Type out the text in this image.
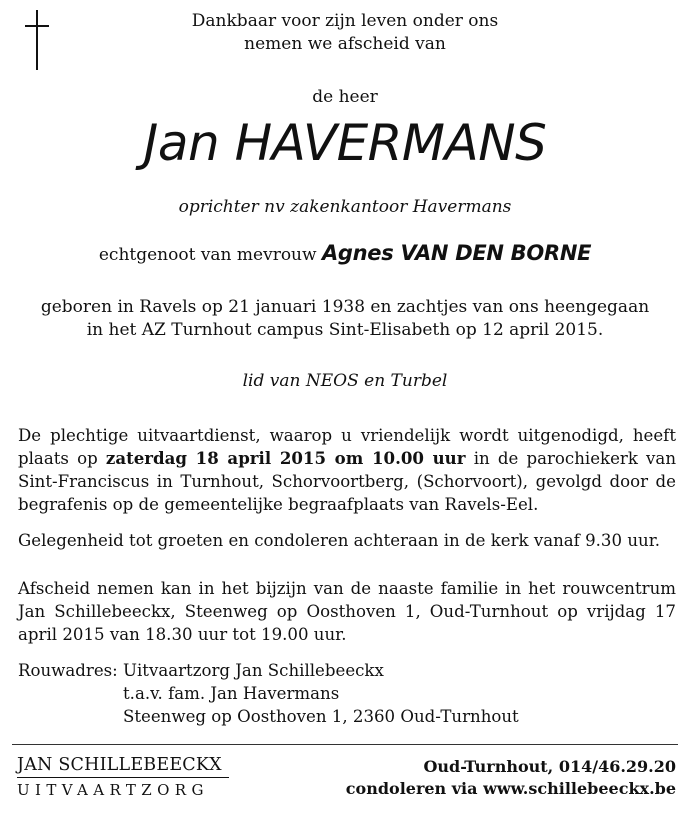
Dankbaar voor zijn leven onder ons
nemen we afscheid van
de heer
Jan HAVERMANS
oprichter nv zakenkantoor Havermans
echtgenoot van mevrouw Agnes VAN DEN BORNE
geboren in Ravels op 21 januari 1938 en zachtjes van ons heengegaan
in het AZ Turnhout campus Sint-Elisabeth op 12 april 2015.
lid van NEOS en Turbel
De plechtige uitvaartdienst, waarop u vriendelijk wordt uitgenodigd, heeft plaats op zaterdag 18 april 2015 om 10.00 uur in de parochiekerk van Sint-Franciscus in Turnhout, Schorvoortberg, (Schorvoort), gevolgd door de begrafenis op de gemeentelijke begraafplaats van Ravels-Eel.
Gelegenheid tot groeten en condoleren achteraan in de kerk vanaf 9.30 uur.
Afscheid nemen kan in het bijzijn van de naaste familie in het rouwcentrum Jan Schillebeeckx, Steenweg op Oosthoven 1, Oud-Turnhout op vrijdag 17 april 2015 van 18.30 uur tot 19.00 uur.
Rouwadres: Uitvaartzorg Jan Schillebeeckx
t.a.v. fam. Jan Havermans
Steenweg op Oosthoven 1, 2360 Oud-Turnhout
JAN SCHILLEBEECKX
UITVAARTZORG
Oud-Turnhout, 014/46.29.20
condoleren via www.schillebeeckx.be
